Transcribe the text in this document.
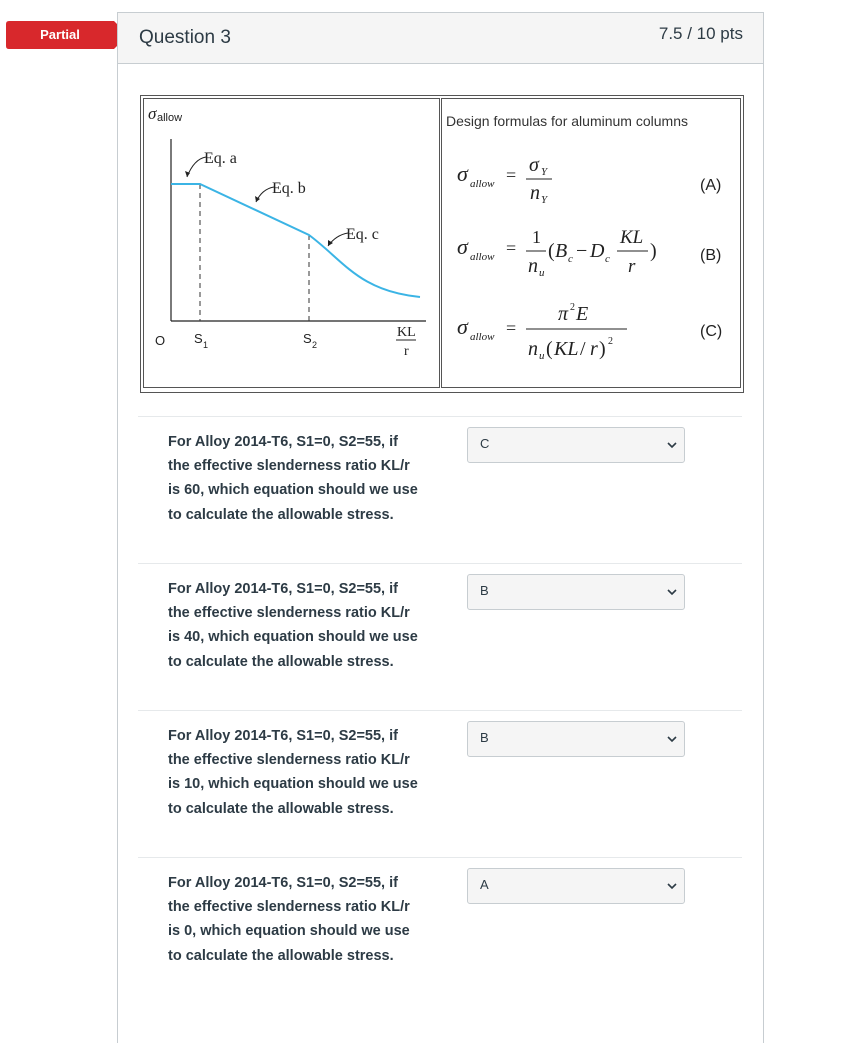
Partial	Question 3	7.5 / 10 pts
σ allow
Eq. a
Eq. b
Eq. c
O S 1	S 2
KL
r
Design formulas for aluminum columns
σ allow = σ Y
n Y
σ allow =
1
n u
( B c − D c
KL
r
)
σ allow =
π 2 E
n u ( KL / r ) 2
(A)
(B)
(C)
For Alloy 2014-T6, S1=0, S2=55, if the effective slenderness ratio KL/r is 60, which equation should we use to calculate the allowable stress.
C
For Alloy 2014-T6, S1=0, S2=55, if the effective slenderness ratio KL/r is 40, which equation should we use to calculate the allowable stress.
B
For Alloy 2014-T6, S1=0, S2=55, if the effective slenderness ratio KL/r is 10, which equation should we use to calculate the allowable stress.
B
For Alloy 2014-T6, S1=0, S2=55, if the effective slenderness ratio KL/r is 0, which equation should we use to calculate the allowable stress.
A
